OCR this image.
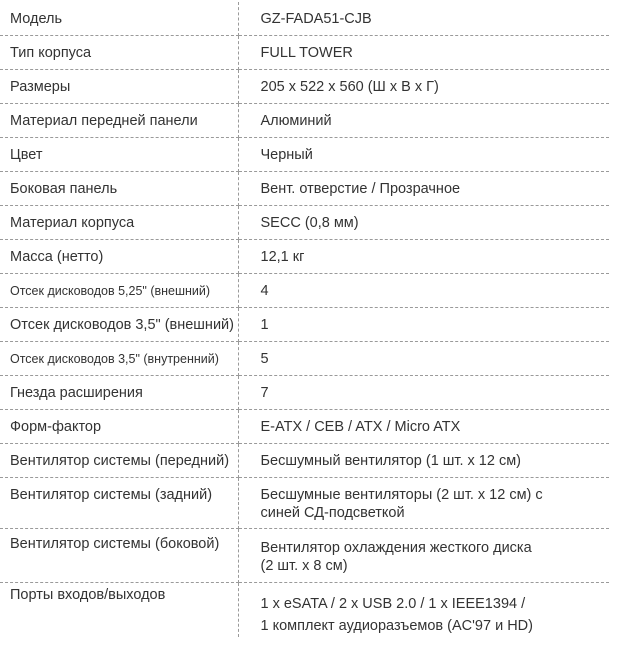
Модель	GZ-FADA51-CJB
Тип корпуса	FULL TOWER
Размеры	205 x 522 x 560 (Ш x В x Г)
Материал передней панели	Алюминий
Цвет	Черный
Боковая панель	Вент. отверстие / Прозрачное
Материал корпуса	SECC (0,8 мм)
Масса (нетто)	12,1 кг
Отсек дисководов 5,25" (внешний)	4
Отсек дисководов 3,5" (внешний)	1
Отсек дисководов 3,5" (внутренний)	5
Гнезда расширения	7
Форм-фактор	E-ATX / CEB / ATX / Micro ATX
Вентилятор системы (передний)	Бесшумный вентилятор (1 шт. x 12 см)
Вентилятор системы (задний)	Бесшумные вентиляторы (2 шт. x 12 см) с
синей СД-подсветкой

Вентилятор системы (боковой)	Вентилятор охлаждения жесткого диска
(2 шт. x 8 см)

Порты входов/выходов	1 x eSATA / 2 x USB 2.0 / 1 x IEEE1394 /
1 комплект аудиоразъемов (AC'97 и HD)
